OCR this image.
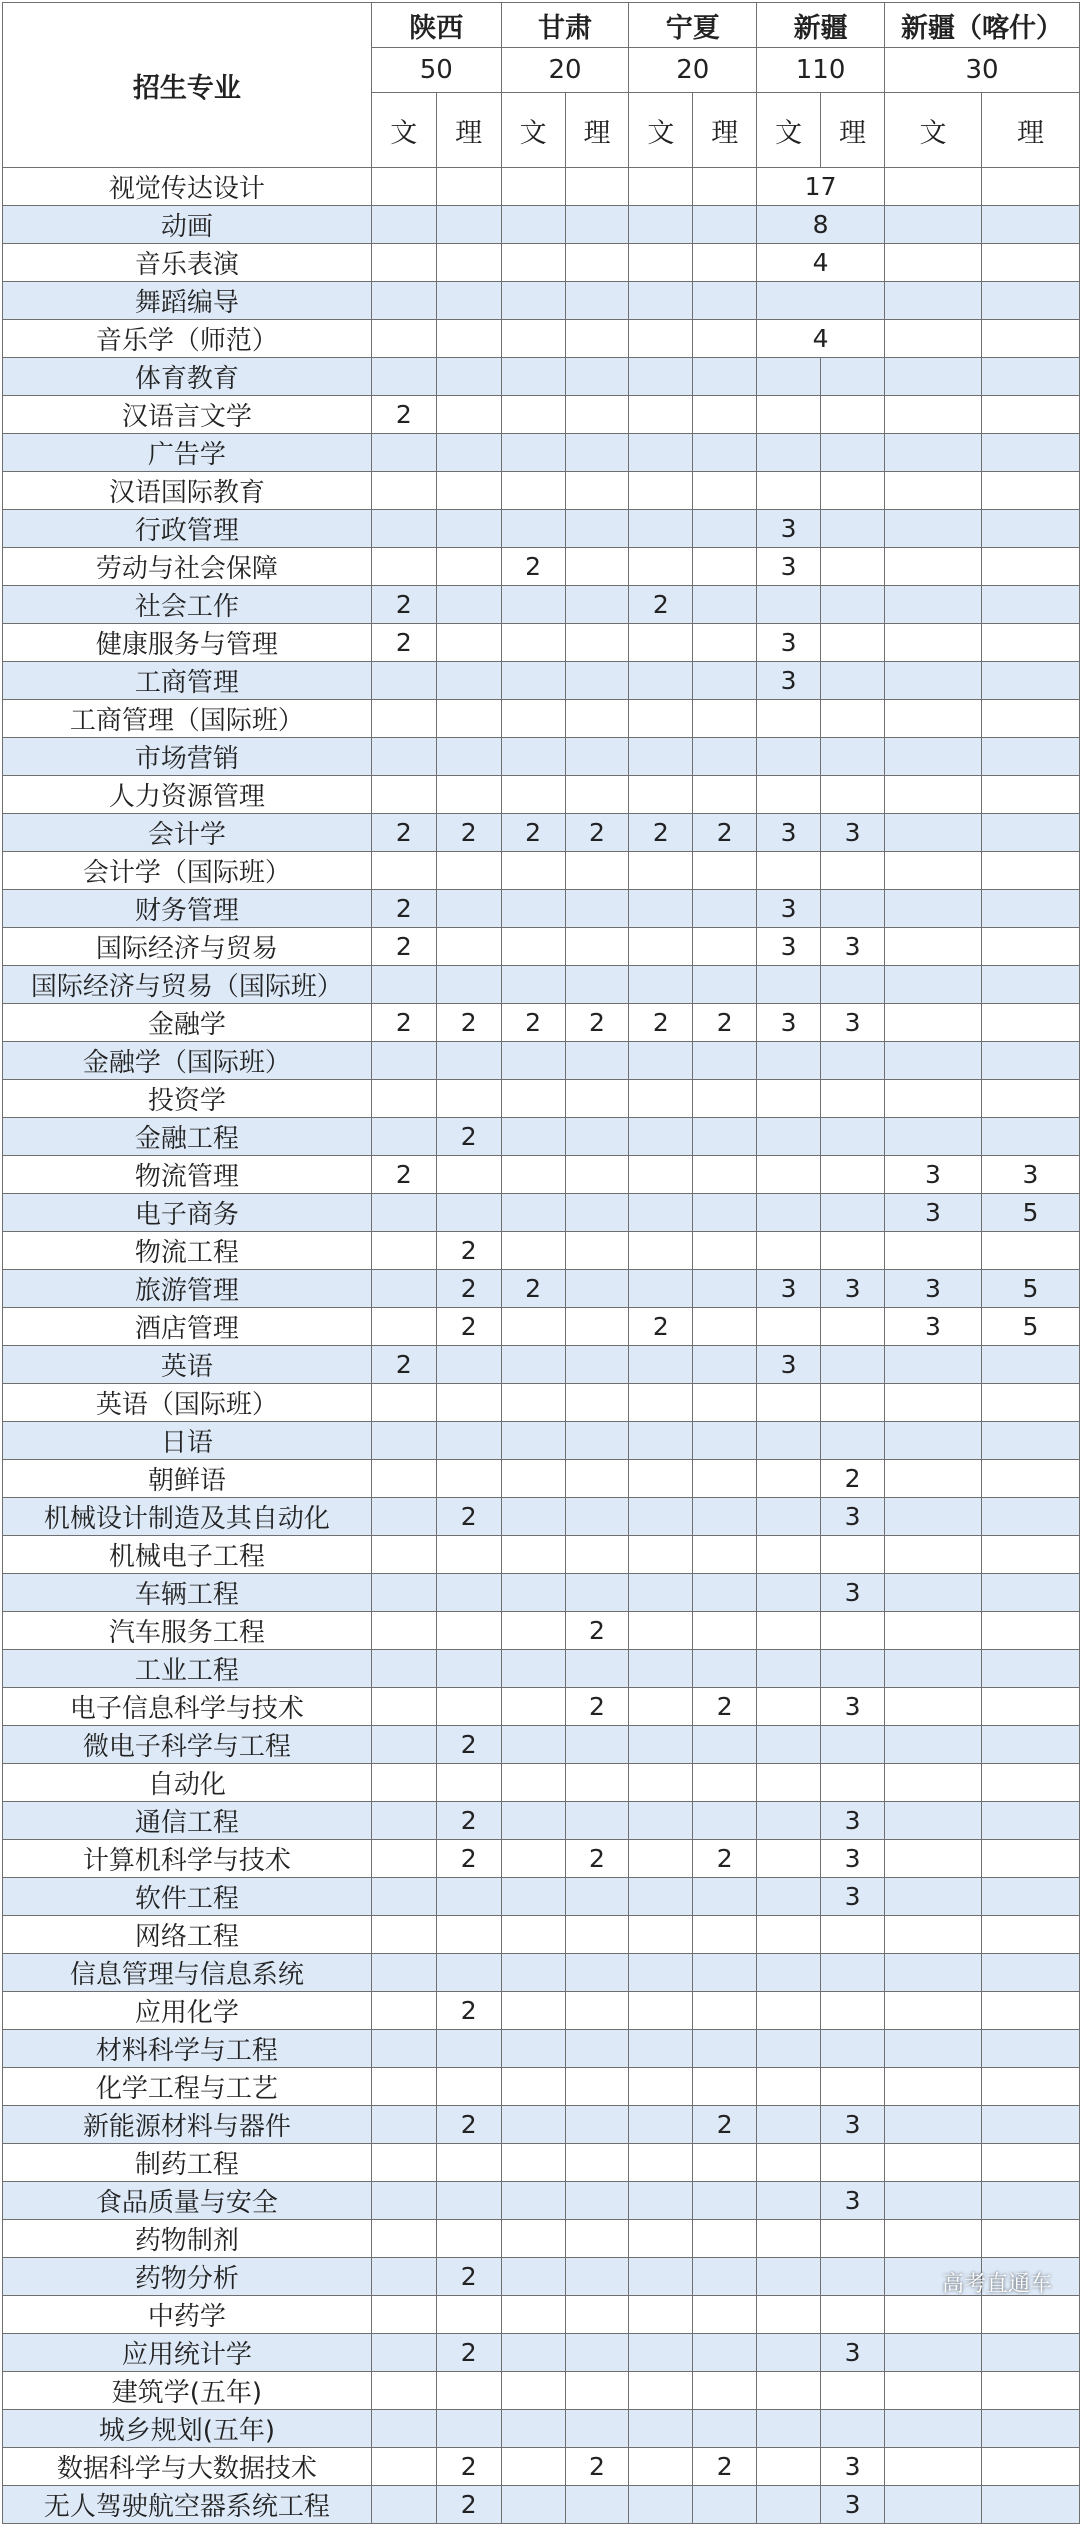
招生专业	陕西		甘肃		宁夏		新疆		新疆（喀什）	
	50		20		20		110		30	
	文	理	文	理	文	理	文	理	文	理
视觉传达设计							17			
动画							8			
音乐表演							4			
舞蹈编导										
音乐学（师范）							4			
体育教育										
汉语言文学	2									
广告学										
汉语国际教育										
行政管理							3			
劳动与社会保障			2				3			
社会工作	2				2					
健康服务与管理	2						3			
工商管理							3			
工商管理（国际班）										
市场营销										
人力资源管理										
会计学	2	2	2	2	2	2	3	3		
会计学（国际班）										
财务管理	2						3			
国际经济与贸易	2						3	3		
国际经济与贸易（国际班）										
金融学	2	2	2	2	2	2	3	3		
金融学（国际班）										
投资学										
金融工程		2								
物流管理	2								3	3
电子商务									3	5
物流工程		2								
旅游管理		2	2				3	3	3	5
酒店管理		2			2				3	5
英语	2						3			
英语（国际班）										
日语										
朝鲜语								2		
机械设计制造及其自动化		2						3		
机械电子工程										
车辆工程								3		
汽车服务工程				2						
工业工程										
电子信息科学与技术				2		2		3		
微电子科学与工程		2								
自动化										
通信工程		2						3		
计算机科学与技术		2		2		2		3		
软件工程								3		
网络工程										
信息管理与信息系统										
应用化学		2								
材料科学与工程										
化学工程与工艺										
新能源材料与器件		2				2		3		
制药工程										
食品质量与安全								3		
药物制剂										
药物分析		2								
中药学										
应用统计学		2						3		
建筑学(五年)										
城乡规划(五年)										
数据科学与大数据技术		2		2		2		3		
无人驾驶航空器系统工程		2						3		
高考直通车
